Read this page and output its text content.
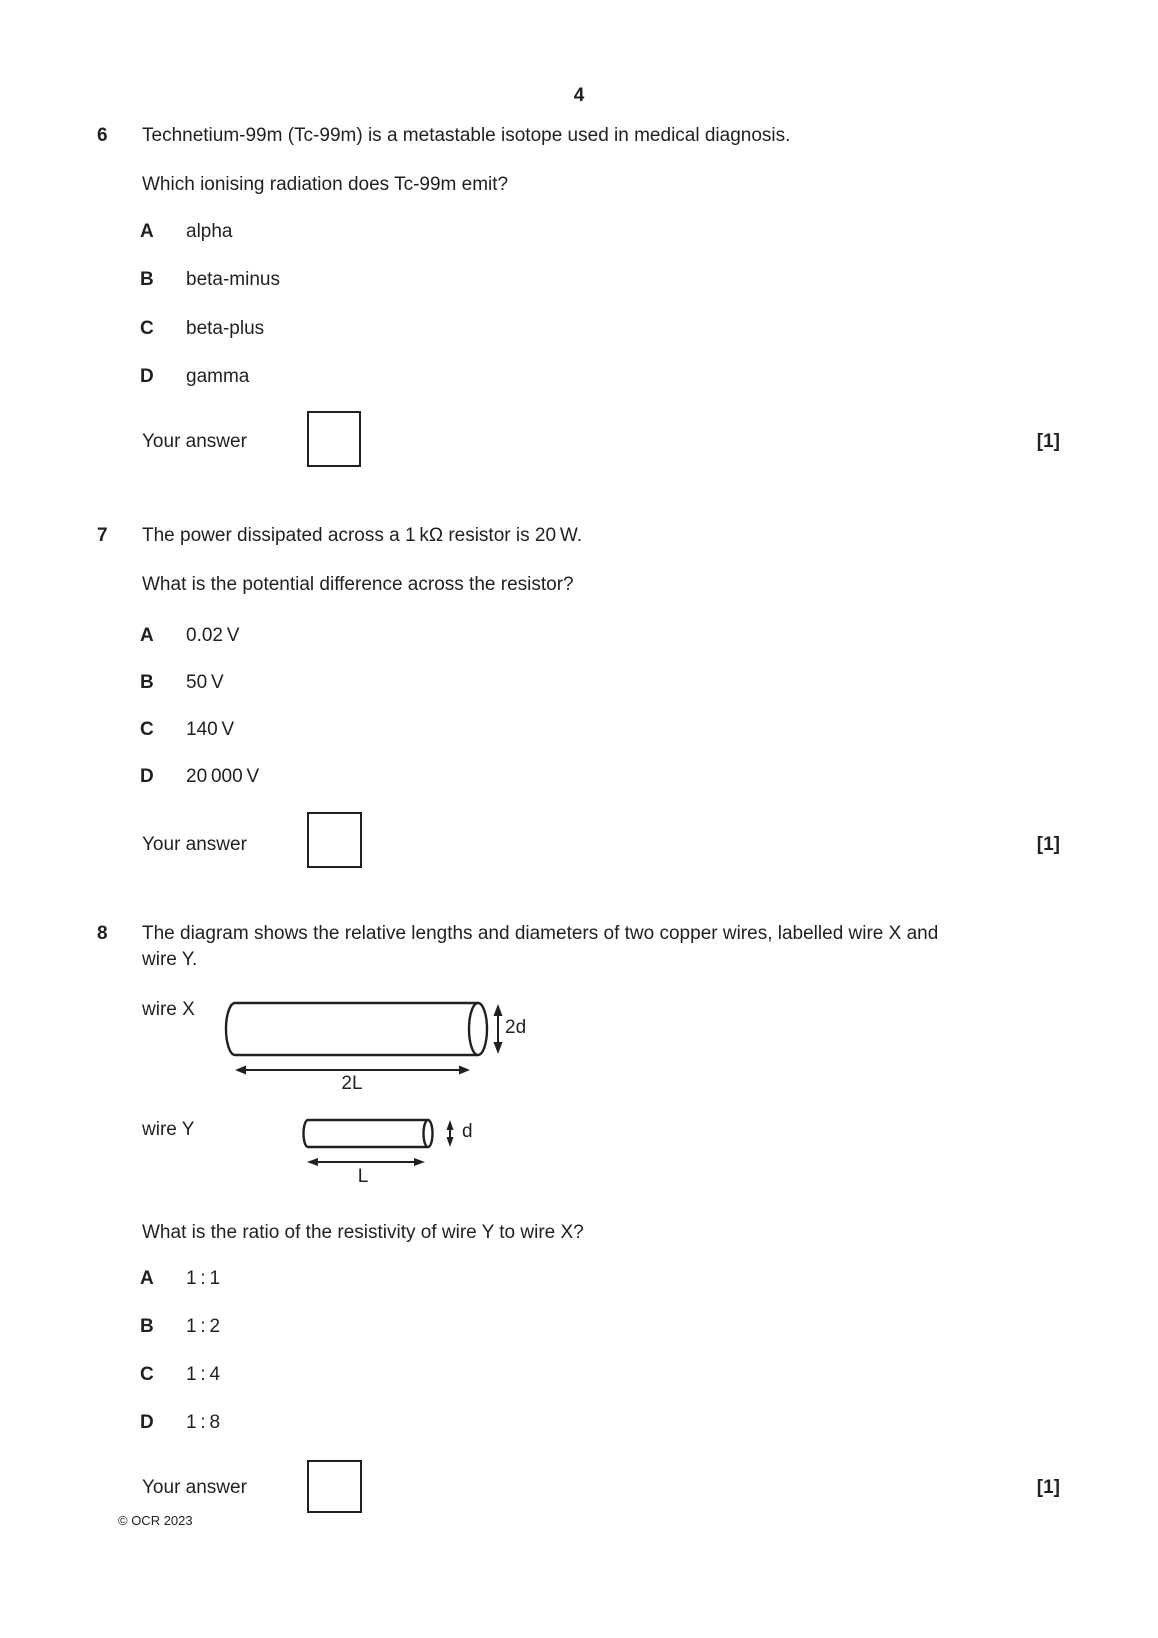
4
6 Technetium-99m (Tc-99m) is a metastable isotope used in medical diagnosis.
Which ionising radiation does Tc-99m emit?
A alpha
B beta-minus
C beta-plus
D gamma
Your answer	[1]
7 The power dissipated across a 1 kΩ resistor is 20 W.
What is the potential difference across the resistor?
A 0.02 V
B 50 V
C 140 V
D 20 000 V
Your answer	[1]
8 The diagram shows the relative lengths and diameters of two copper wires, labelled wire X and
wire Y.
wire X
wire Y
2d
2L
d
L
What is the ratio of the resistivity of wire Y to wire X?
A 1 : 1
B 1 : 2
C 1 : 4
D 1 : 8
Your answer	[1]
© OCR 2023
